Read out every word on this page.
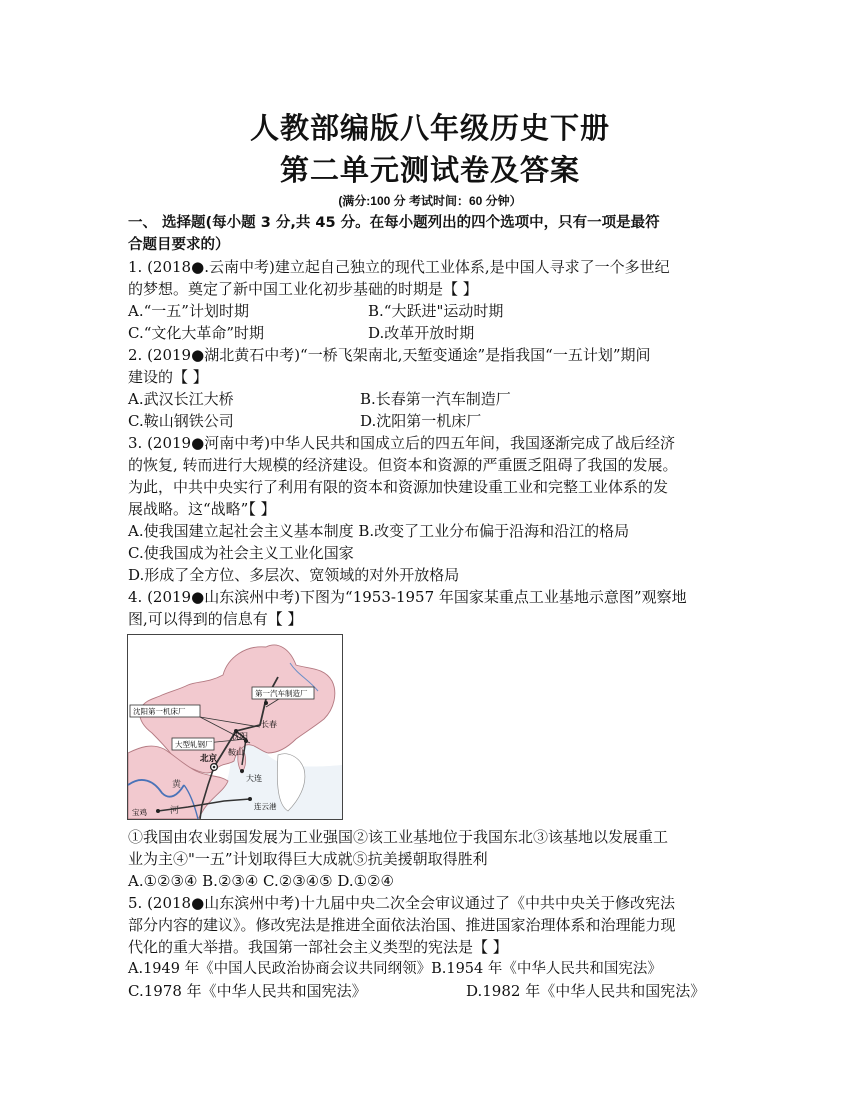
人教部编版八年级历史下册
第二单元测试卷及答案
(满分:100 分 考试时间：60 分钟）
一、 选择题(每小题 3 分,共 45 分。在每小题列出的四个选项中，只有一项是最符
合题目要求的）
1. (2018●.云南中考)建立起自己独立的现代工业体系,是中国人寻求了一个多世纪
的梦想。奠定了新中国工业化初步基础的时期是【 】
A.“一五”计划时期	B.“大跃进"运动时期
C.“文化大革命”时期	D.改革开放时期
2. (2019●湖北黄石中考)“一桥飞架南北,天堑变通途”是指我国“一五计划”期间
建设的【 】
A.武汉长江大桥	B.长春第一汽车制造厂
C.鞍山钢铁公司	D.沈阳第一机床厂
3. (2019●河南中考)中华人民共和国成立后的四五年间，我国逐渐完成了战后经济
的恢复, 转而进行大规模的经济建设。但资本和资源的严重匮乏阻碍了我国的发展。
为此，中共中央实行了利用有限的资本和资源加快建设重工业和完整工业体系的发
展战略。这“战略”【 】
A.使我国建立起社会主义基本制度 B.改变了工业分布偏于沿海和沿江的格局
C.使我国成为社会主义工业化国家
D.形成了全方位、多层次、宽领域的对外开放格局
4. (2019●山东滨州中考)下图为“1953-1957 年国家某重点工业基地示意图”观察地
图,可以得到的信息有【 】
第一汽车制造厂
沈阳第一机床厂
大型轧钢厂
长春
沈阳
鞍山
北京
大连
宝鸡
连云港
黄
河
①我国由农业弱国发展为工业强国②该工业基地位于我国东北③该基地以发展重工
业为主④"一五”计划取得巨大成就⑤抗美援朝取得胜利
A.①②③④ B.②③④ C.②③④⑤ D.①②④
5. (2018●山东滨州中考)十九届中央二次全会审议通过了《中共中央关于修改宪法
部分内容的建议》。修改宪法是推进全面依法治国、推进国家治理体系和治理能力现
代化的重大举措。我国第一部社会主义类型的宪法是【 】
A.1949 年《中国人民政治协商会议共同纲领》B.1954 年《中华人民共和国宪法》
C.1978 年《中华人民共和国宪法》	D.1982 年《中华人民共和国宪法》
